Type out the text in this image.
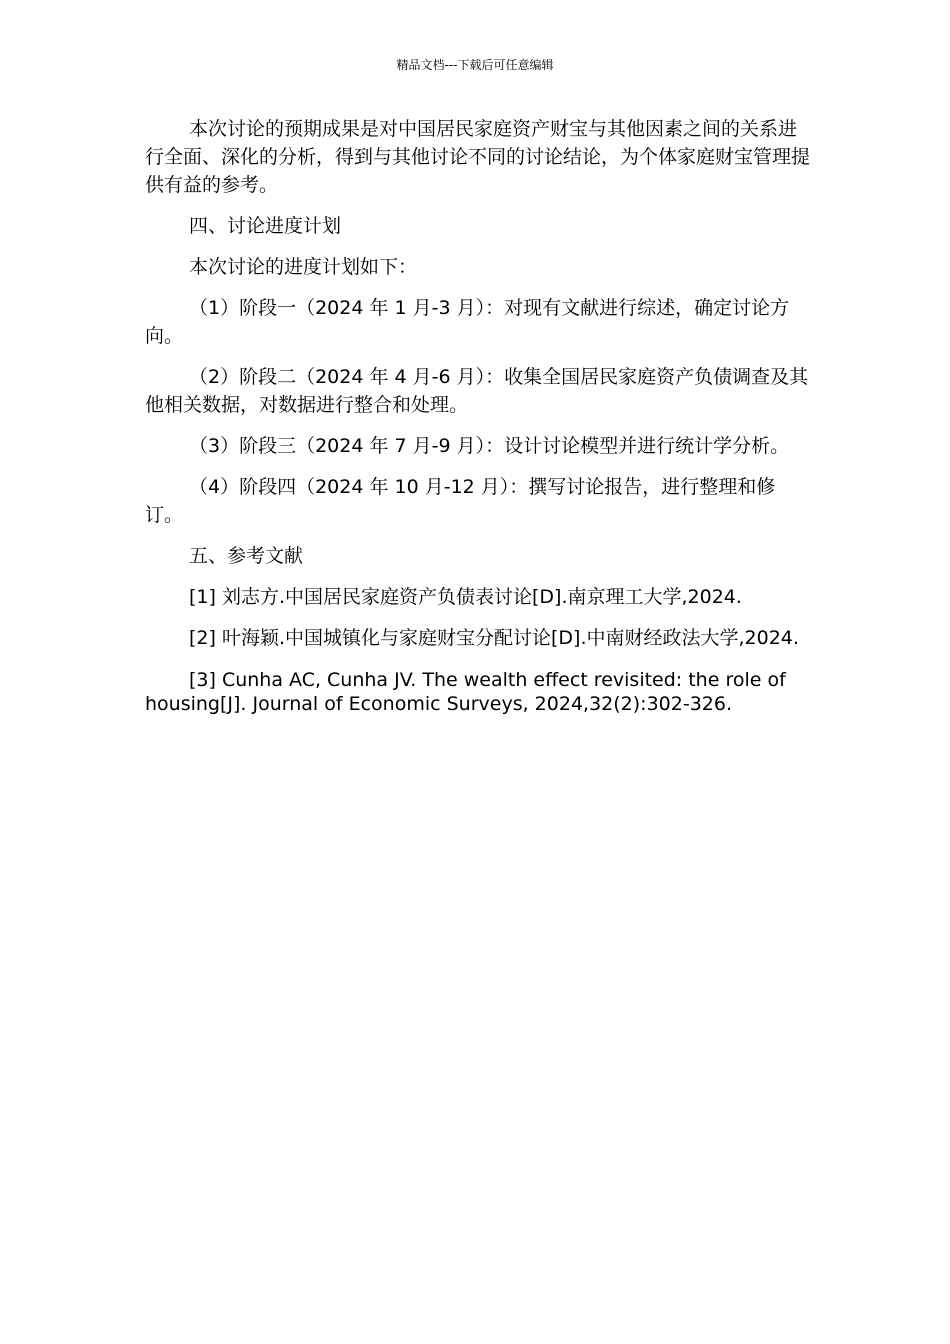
精品文档---下载后可任意编辑

本次讨论的预期成果是对中国居民家庭资产财宝与其他因素之间的关系进行全面、深化的分析，得到与其他讨论不同的讨论结论，为个体家庭财宝管理提供有益的参考。

四、讨论进度计划

本次讨论的进度计划如下：

（1）阶段一（2024 年 1 月-3 月）：对现有文献进行综述，确定讨论方向。

（2）阶段二（2024 年 4 月-6 月）：收集全国居民家庭资产负债调查及其他相关数据，对数据进行整合和处理。

（3）阶段三（2024 年 7 月-9 月）：设计讨论模型并进行统计学分析。

（4）阶段四（2024 年 10 月-12 月）：撰写讨论报告，进行整理和修订。

五、参考文献

[1] 刘志方.中国居民家庭资产负债表讨论[D].南京理工大学,2024.

[2] 叶海颖.中国城镇化与家庭财宝分配讨论[D].中南财经政法大学,2024.

[3] Cunha AC, Cunha JV. The wealth effect revisited: the role of housing[J]. Journal of Economic Surveys, 2024,32(2):302-326.
